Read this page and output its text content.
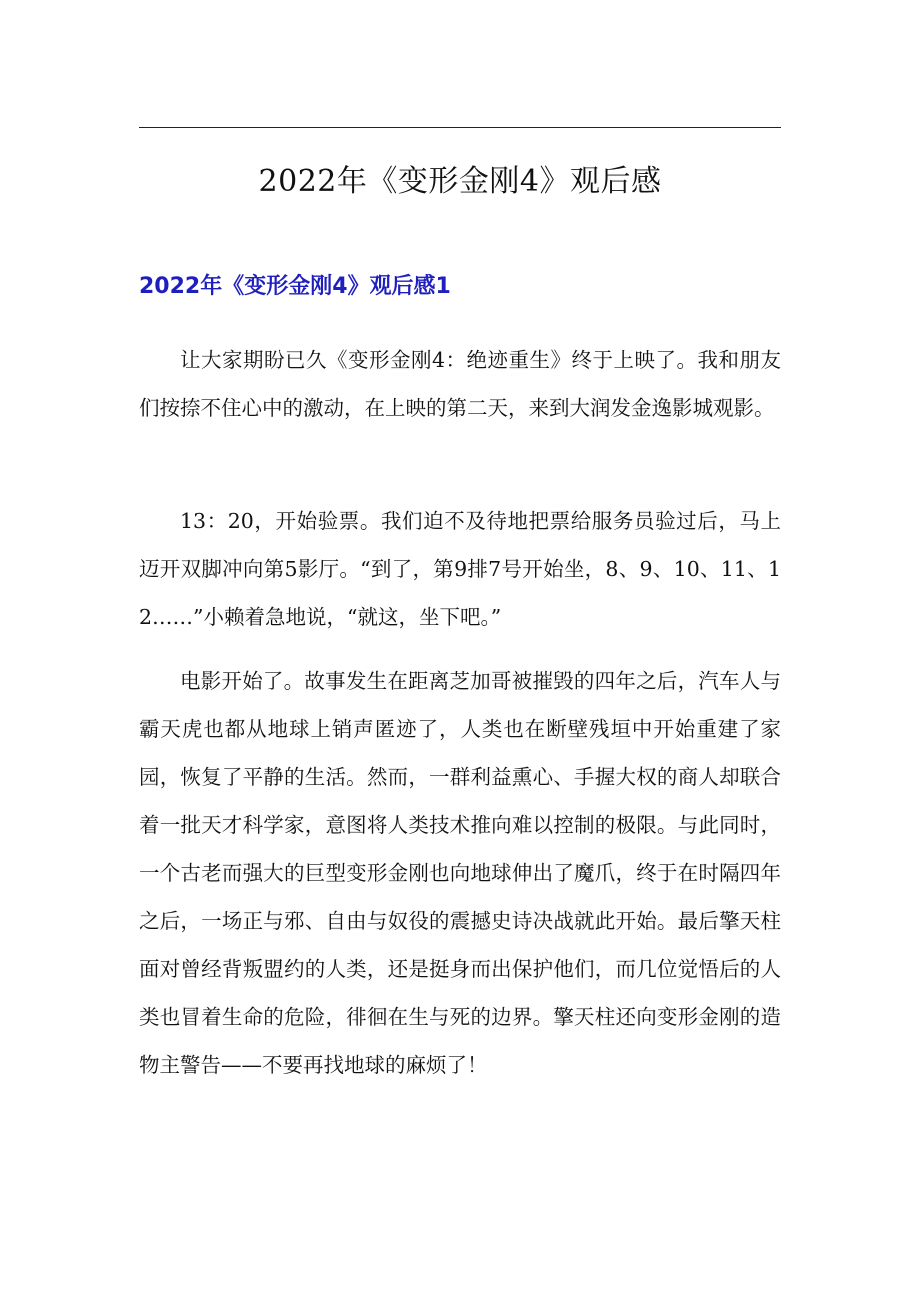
2022年《变形金刚4》观后感
2022年《变形金刚4》观后感1

让大家期盼已久《变形金刚4：绝迹重生》终于上映了。我和朋友们按捺不住心中的激动，在上映的第二天，来到大润发金逸影城观影。

13：20，开始验票。我们迫不及待地把票给服务员验过后，马上迈开双脚冲向第5影厅。“到了，第9排7号开始坐，8、9、10、11、12……”小赖着急地说，“就这，坐下吧。”

电影开始了。故事发生在距离芝加哥被摧毁的四年之后，汽车人与霸天虎也都从地球上销声匿迹了，人类也在断壁残垣中开始重建了家园，恢复了平静的生活。然而，一群利益熏心、手握大权的商人却联合着一批天才科学家，意图将人类技术推向难以控制的极限。与此同时，一个古老而强大的巨型变形金刚也向地球伸出了魔爪，终于在时隔四年之后，一场正与邪、自由与奴役的震撼史诗决战就此开始。最后擎天柱面对曾经背叛盟约的人类，还是挺身而出保护他们，而几位觉悟后的人类也冒着生命的危险，徘徊在生与死的边界。擎天柱还向变形金刚的造物主警告——不要再找地球的麻烦了！
